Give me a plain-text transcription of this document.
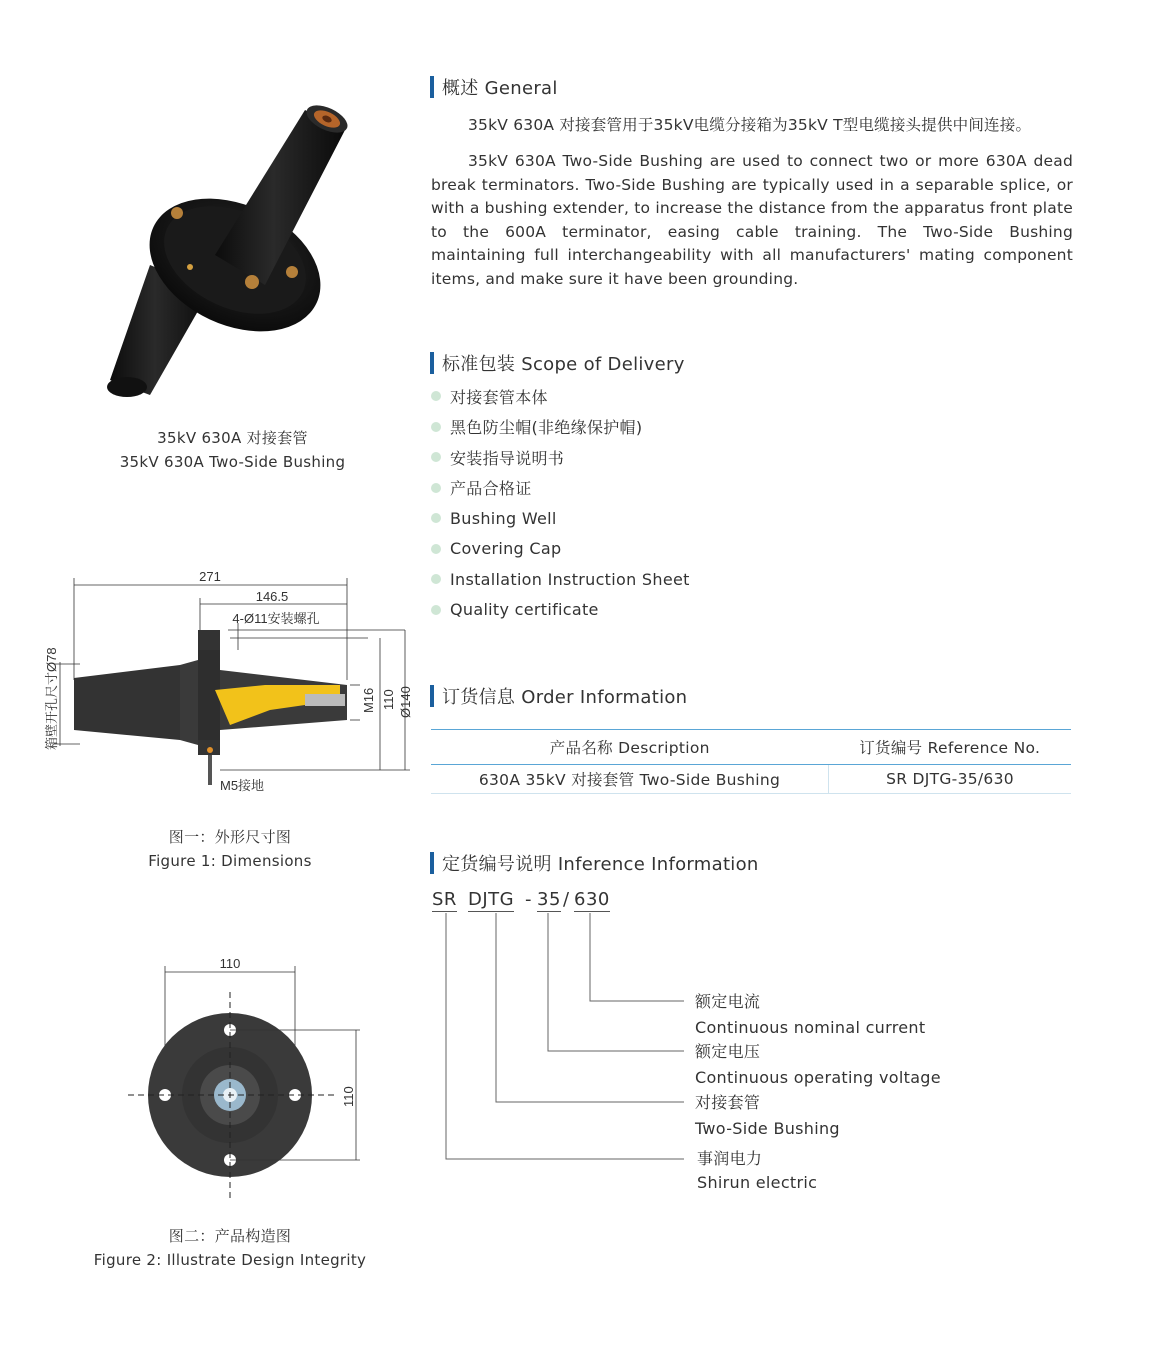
35kV 630A 对接套管
35kV 630A Two-Side Bushing
271
146.5
4-Ø11安装螺孔
箱壁开孔尺寸Ø78	M16 110 Ø140
M5接地
图一：外形尺寸图
Figure 1: Dimensions
110
110
图二：产品构造图
Figure 2: Illustrate Design Integrity
概述 General
35kV 630A 对接套管用于35kV电缆分接箱为35kV T型电缆接头提供中间连接。
35kV 630A Two-Side Bushing are used to connect two or more 630A dead break terminators. Two-Side Bushing are typically used in a separable splice, or with a bushing extender, to increase the distance from the apparatus front plate to the 600A terminator, easing cable training. The Two-Side Bushing maintaining full interchangeability with all manufacturers' mating component items, and make sure it have been grounding.
标准包装 Scope of Delivery
对接套管本体
黑色防尘帽(非绝缘保护帽)
安装指导说明书
产品合格证
Bushing Well
Covering Cap
Installation Instruction Sheet
Quality certificate
订货信息 Order Information
产品名称 Description	订货编号 Reference No.
630A 35kV 对接套管 Two-Side Bushing	SR DJTG-35/630
定货编号说明 Inference Information
SR DJTG - 35 / 630
额定电流
Continuous nominal current
额定电压
Continuous operating voltage
对接套管
Two-Side Bushing
事润电力
Shirun electric
